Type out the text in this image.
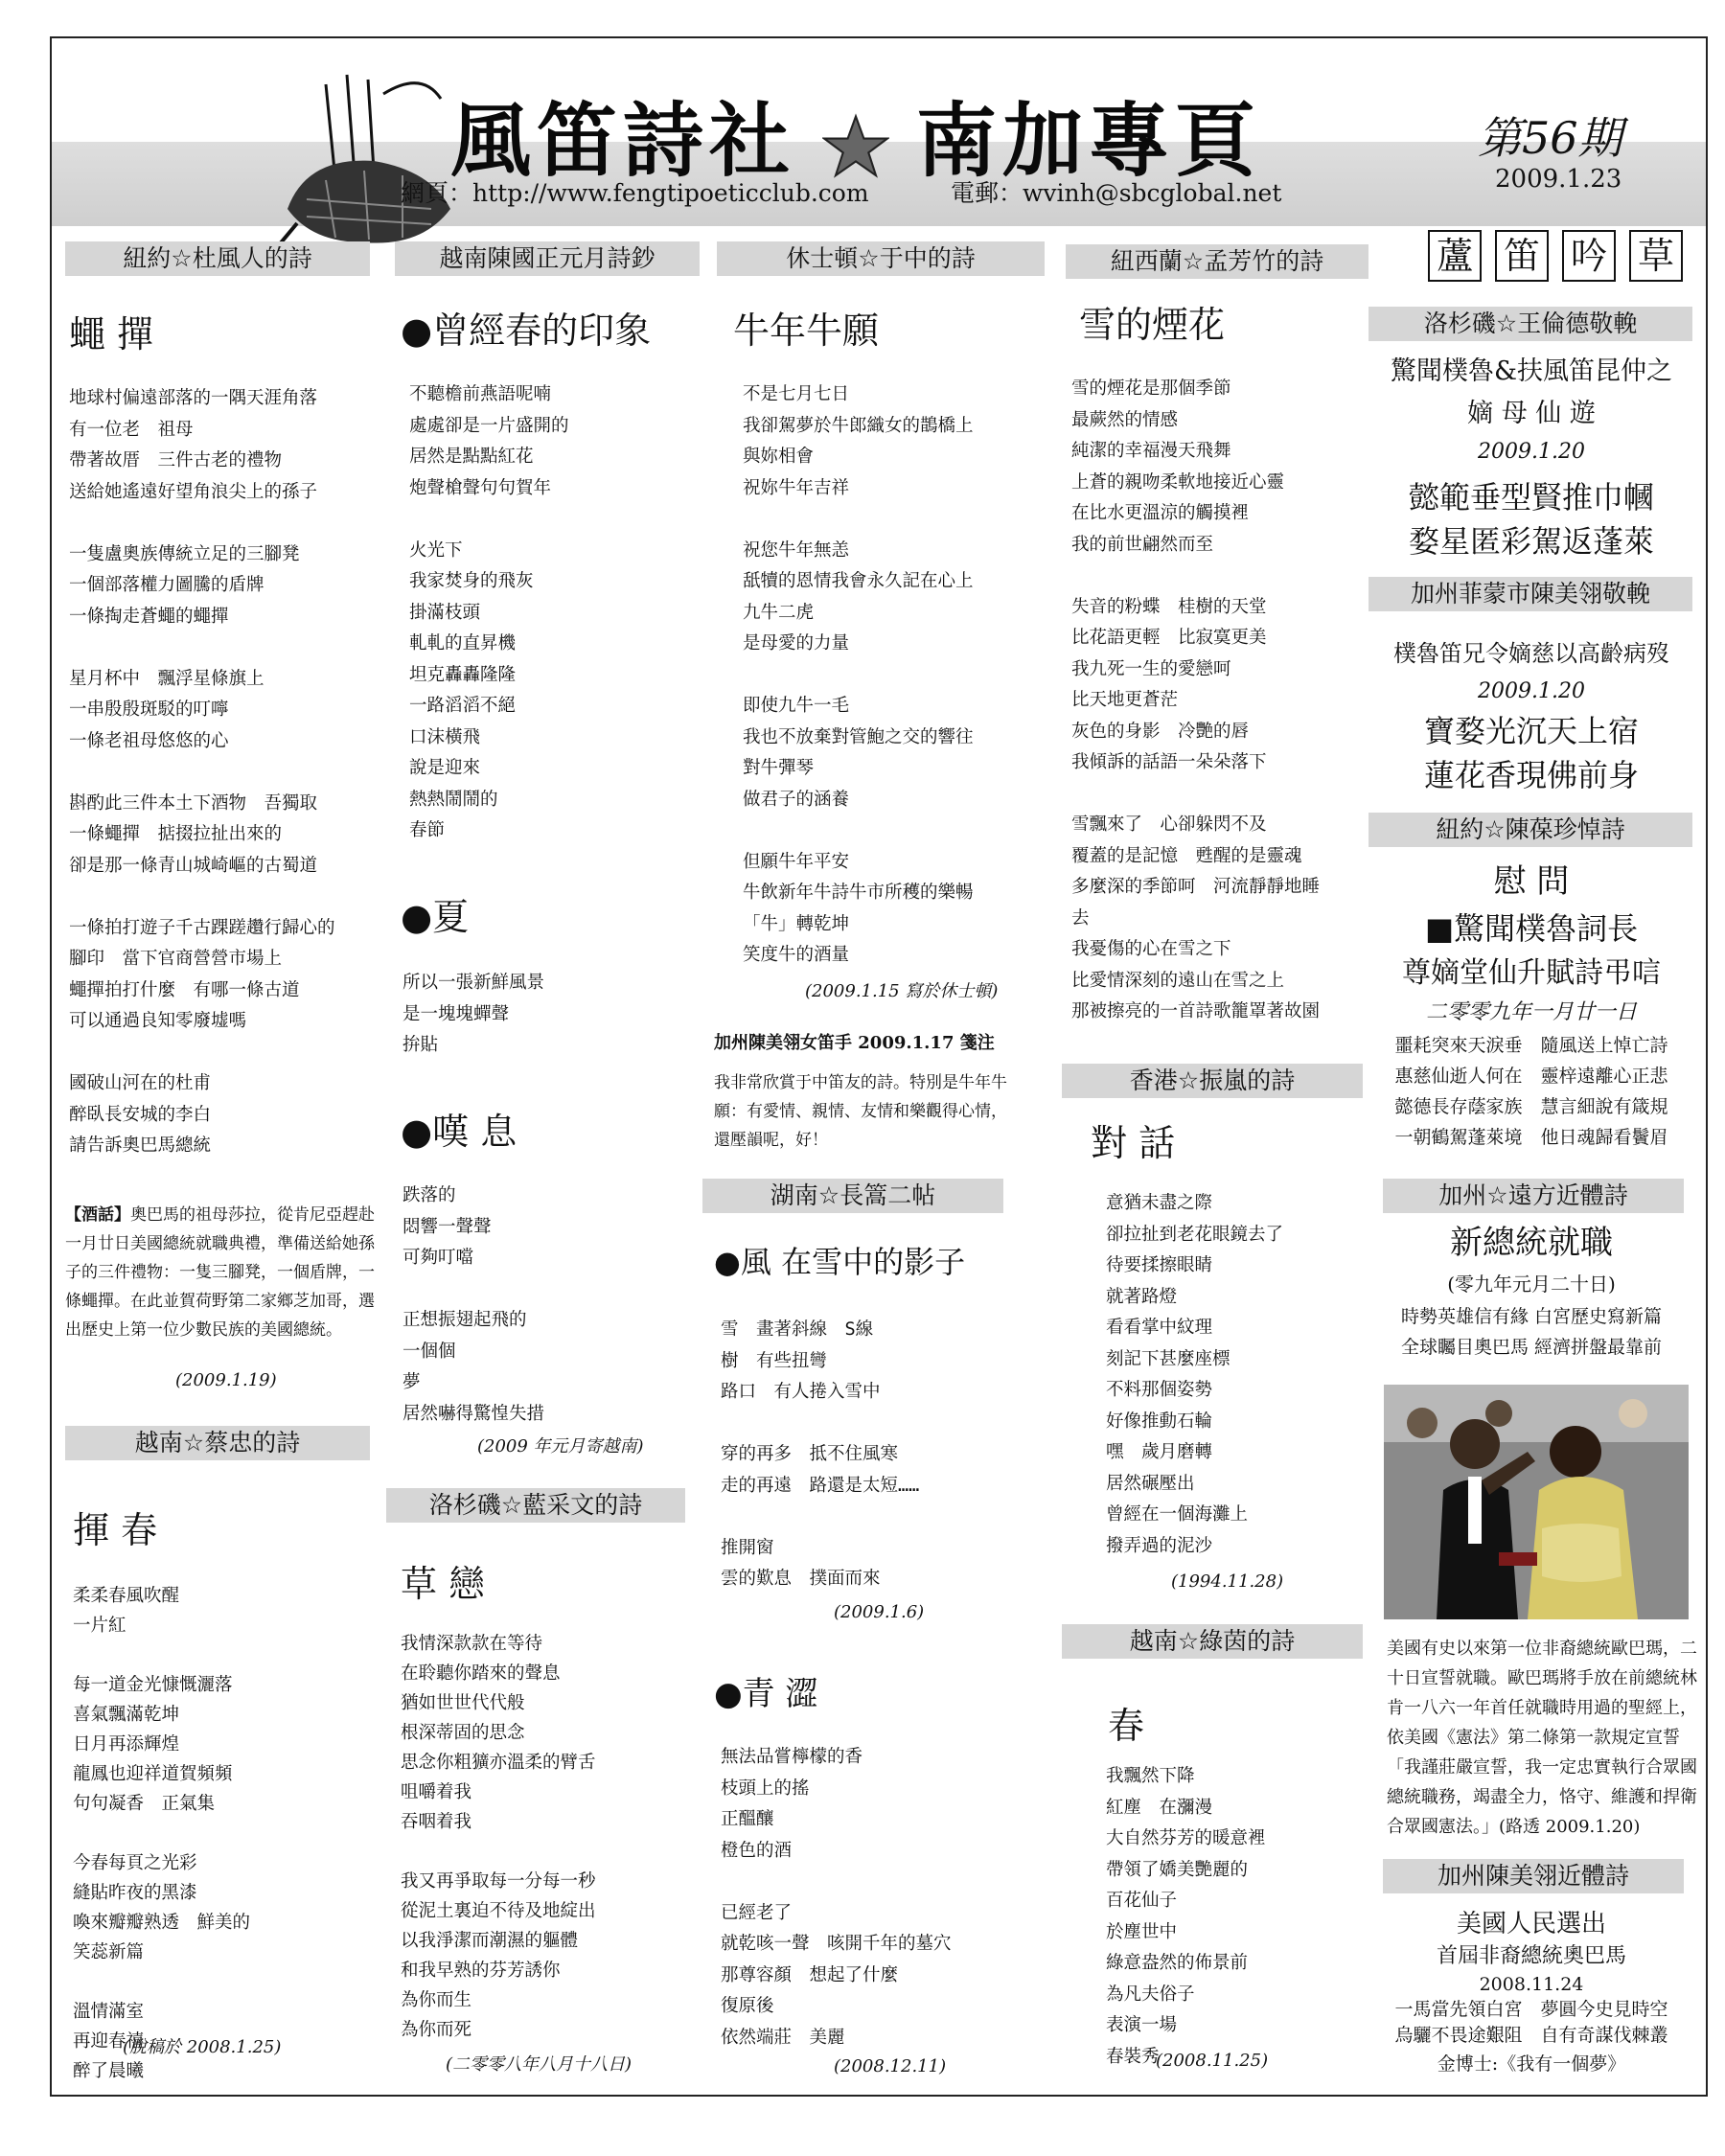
風笛詩社 南加專頁
網頁：http://www.fengtipoeticclub.com	電郵：wvinh@sbcglobal.net
第56期
2009.1.23
紐約☆杜風人的詩
蠅 撣
地球村偏遠部落的一隅天涯角落
有一位老　祖母
帶著故厝　三件古老的禮物
送給她遙遠好望角浪尖上的孫子

一隻盧奧族傳統立足的三腳凳
一個部落權力圖騰的盾牌
一條掏走蒼蠅的蠅撣

星月杯中　飄浮星條旗上
一串殷殷斑駁的叮嚀
一條老祖母悠悠的心

斟酌此三件本土下酒物　吾獨取
一條蠅撣　掂掇拉扯出來的
卻是那一條青山城崎嶇的古蜀道

一條拍打遊子千古踝蹉趲行歸心的
腳印　當下官商營營市場上
蠅撣拍打什麼　有哪一條古道
可以通過良知零廢墟嗎

國破山河在的杜甫
醉臥長安城的李白
請告訴奧巴馬總統
【酒話】奧巴馬的祖母莎拉，從肯尼亞趕赴一月廿日美國總統就職典禮，準備送給她孫子的三件禮物：一隻三腳凳，一個盾牌，一條蠅撣。在此並賀荷野第二家鄉芝加哥，選出歷史上第一位少數民族的美國總統。
(2009.1.19)
越南☆蔡忠的詩
揮 春
柔柔春風吹醒
一片紅

每一道金光慷慨灑落
喜氣飄滿乾坤
日月再添輝煌
龍鳳也迎祥道賀頻頻
句句凝香　正氣集

今春每頁之光彩
縫貼昨夜的黑漆
喚來瓣瓣熟透　鮮美的
笑蕊新篇

溫情滿室
再迎春禧
醉了晨曦
(脫稿於 2008.1.25)
越南陳國正元月詩鈔
●曾經春的印象
不聽檐前燕語呢喃
處處卻是一片盛開的
居然是點點紅花
炮聲槍聲句句賀年

火光下
我家焚身的飛灰
掛滿枝頭
軋軋的直昇機
坦克轟轟隆隆
一路滔滔不絕
口沫橫飛
說是迎來
熱熱鬧鬧的
春節
●夏
所以一張新鮮風景
是一塊塊蟬聲
拚貼
●嘆 息
跌落的
悶響一聲聲
可夠叮噹

正想振翅起飛的
一個個
夢
居然嚇得驚惶失措
(2009 年元月寄越南)
洛杉磯☆藍采文的詩
草 戀
我情深款款在等待
在聆聽你踏來的聲息
猶如世世代代般
根深蒂固的思念
思念你粗獷亦溫柔的臂舌
咀嚼着我
吞咽着我

我又再爭取每一分每一秒
從泥土裏迫不待及地綻出
以我淨潔而潮濕的軀體
和我早熟的芬芳誘你
為你而生
為你而死
(二零零八年八月十八日)
休士頓☆于中的詩
牛年牛願
不是七月七日
我卻駕夢於牛郎織女的鵲橋上
與妳相會
祝妳牛年吉祥

祝您牛年無恙
舐犢的恩情我會永久記在心上
九牛二虎
是母愛的力量

即使九牛一毛
我也不放棄對管鮑之交的響往
對牛彈琴
做君子的涵養

但願牛年平安
牛飲新年牛詩牛市所穫的樂暢
「牛」轉乾坤
笑度牛的酒量
(2009.1.15 寫於休士頓)
加州陳美翎女笛手 2009.1.17 箋注
我非常欣賞于中笛友的詩。特別是牛年牛願：有愛情、親情、友情和樂觀得心情，還壓韻呢，好！
湖南☆長篙二帖
●風 在雪中的影子
雪　畫著斜線　S線
樹　有些扭彎
路口　有人捲入雪中

穿的再多　抵不住風寒
走的再遠　路還是太短……

推開窗
雲的歎息　撲面而來
(2009.1.6)
●青 澀
無法品嘗檸檬的香
枝頭上的搖
正醞釀
橙色的酒

已經老了
就乾咳一聲　咳開千年的墓穴
那尊容顏　想起了什麼
復原後
依然端莊　美麗
(2008.12.11)
紐西蘭☆孟芳竹的詩
雪的煙花
雪的煙花是那個季節
最蕨然的情感
純潔的幸福漫天飛舞
上蒼的親吻柔軟地接近心靈
在比水更溫涼的觸摸裡
我的前世翩然而至

失音的粉蝶　桂樹的天堂
比花語更輕　比寂寞更美
我九死一生的愛戀呵
比天地更蒼茫
灰色的身影　冷艷的唇
我傾訴的話語一朵朵落下

雪飄來了　心卻躲閃不及
覆蓋的是記憶　甦醒的是靈魂
多麼深的季節呵　河流靜靜地睡
去
我憂傷的心在雪之下
比愛情深刻的遠山在雪之上
那被擦亮的一首詩歌籠罩著故園
香港☆振嵐的詩
對 話
意猶未盡之際
卻拉扯到老花眼鏡去了
待要揉擦眼睛
就著路燈
看看掌中紋理
刻記下甚麼座標
不料那個姿勢
好像推動石輪
嘿　歲月磨轉
居然碾壓出
曾經在一個海灘上
撥弄過的泥沙
(1994.11.28)
越南☆綠茵的詩
春
我飄然下降
紅塵　在瀰漫
大自然芬芳的暖意裡
帶領了嬌美艷麗的
百花仙子
於塵世中
綠意盎然的佈景前
為凡夫俗子
表演一場
春裝秀
(2008.11.25)
蘆 笛 吟 草
洛杉磯☆王倫德敬輓
驚聞樸魯&扶風笛昆仲之
嫡 母 仙 遊
2009.1.20
懿範垂型賢推巾幗
婺星匿彩駕返蓬萊
加州菲蒙市陳美翎敬輓
樸魯笛兄令嫡慈以高齡病歿
2009.1.20
寶婺光沉天上宿
蓮花香現佛前身
紐約☆陳葆珍悼詩
慰 問
■驚聞樸魯詞長
尊嫡堂仙升賦詩弔唁
二零零九年一月廿一日
噩耗突來天淚垂　隨風送上悼亡詩
惠慈仙逝人何在　靈梓遠離心正悲
懿德長存蔭家族　慧言細說有箴規
一朝鶴駕蓬萊境　他日魂歸看鬢眉
加州☆遠方近體詩
新總統就職
(零九年元月二十日)
時勢英雄信有緣 白宮歷史寫新篇
全球矚目奧巴馬 經濟拼盤最靠前
美國有史以來第一位非裔總統歐巴瑪，二十日宣誓就職。歐巴瑪將手放在前總統林肯一八六一年首任就職時用過的聖經上，依美國《憲法》第二條第一款規定宣誓「我謹莊嚴宣誓，我一定忠實執行合眾國總統職務，竭盡全力，恪守、維護和捍衛合眾國憲法。」(路透 2009.1.20)
加州陳美翎近體詩
美國人民選出
首屆非裔總統奧巴馬
2008.11.24
一馬當先領白宮　夢圓今史見時空
烏驪不畏途艱阻　自有奇謀伐棘叢
金博士:《我有一個夢》
